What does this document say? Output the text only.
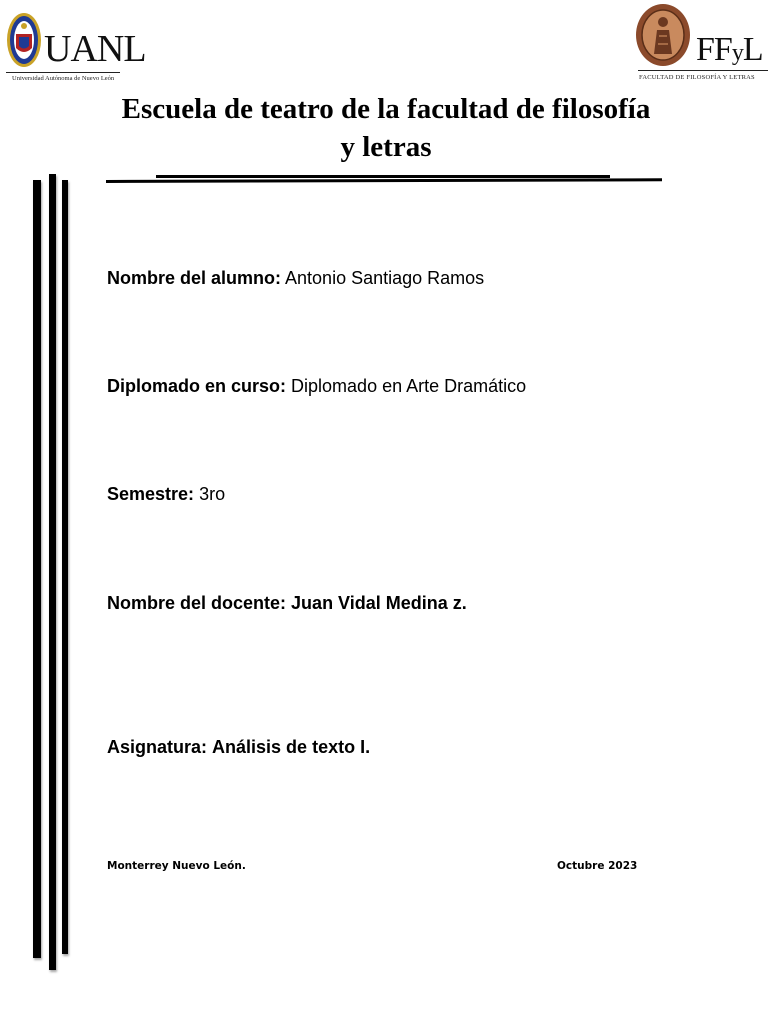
UANL
Universidad Autónoma de Nuevo León
FFyL
FACULTAD DE FILOSOFÍA Y LETRAS
Escuela de teatro de la facultad de filosofía
y letras

Nombre del alumno: Antonio Santiago Ramos

Diplomado en curso: Diplomado en Arte Dramático

Semestre: 3ro

Nombre del docente: Juan Vidal Medina z.

Asignatura: Análisis de texto I.

Monterrey Nuevo León.	Octubre 2023
